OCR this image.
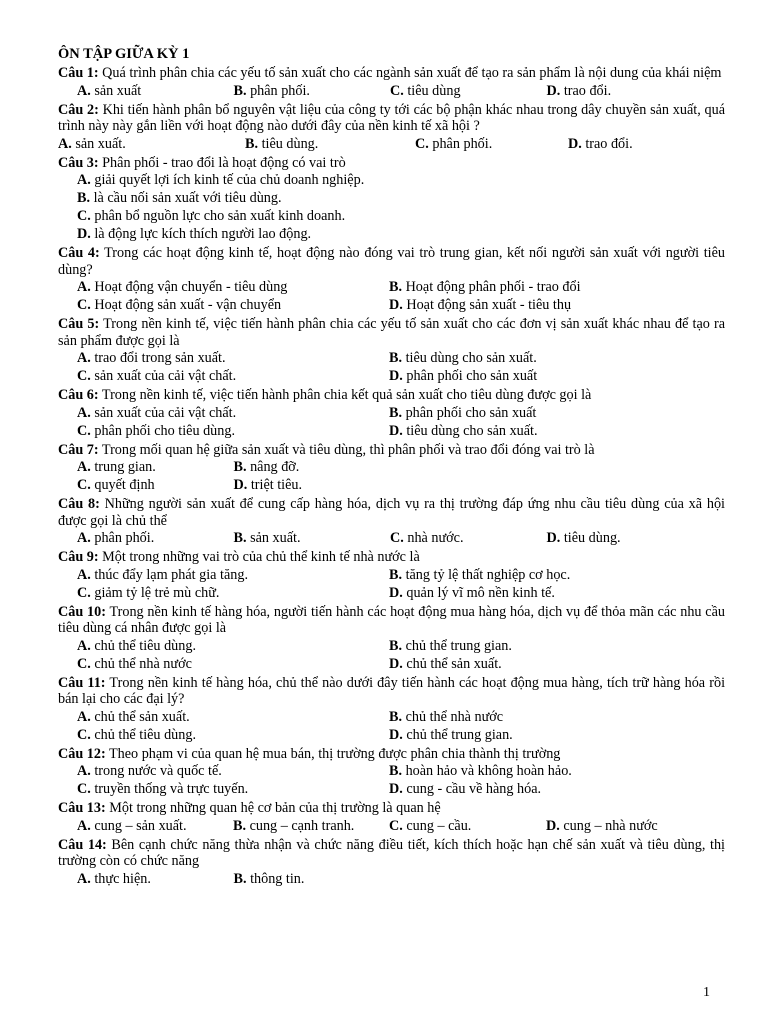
ÔN TẬP GIỮA KỲ 1
Câu 1: Quá trình phân chia các yếu tố sản xuất cho các ngành sản xuất để tạo ra sản phẩm là nội dung của khái niệm
A. sản xuất	B. phân phối.	C. tiêu dùng	D. trao đổi.
Câu 2: Khi tiến hành phân bổ nguyên vật liệu của công ty tới các bộ phận khác nhau trong dây chuyền sản xuất, quá trình này này gắn liền với hoạt động nào dưới đây của nền kinh tế xã hội ?
A. sản xuất.	B. tiêu dùng.	C. phân phối.	D. trao đổi.
Câu 3: Phân phối - trao đổi là hoạt động có vai trò
A. giải quyết lợi ích kinh tế của chủ doanh nghiệp.
B. là cầu nối sản xuất với tiêu dùng.
C. phân bổ nguồn lực cho sản xuất kinh doanh.
D. là động lực kích thích người lao động.
Câu 4: Trong các hoạt động kinh tế, hoạt động nào đóng vai trò trung gian, kết nối người sản xuất với người tiêu dùng?
A. Hoạt động vận chuyển - tiêu dùng	B. Hoạt động phân phối - trao đổi
C. Hoạt động sản xuất - vận chuyển	D. Hoạt động sản xuất - tiêu thụ
Câu 5: Trong nền kinh tế, việc tiến hành phân chia các yếu tố sản xuất cho các đơn vị sản xuất khác nhau để tạo ra sản phẩm được gọi là
A. trao đổi trong sản xuất.	B. tiêu dùng cho sản xuất.
C. sản xuất của cải vật chất.	D. phân phối cho sản xuất
Câu 6: Trong nền kinh tế, việc tiến hành phân chia kết quả sản xuất cho tiêu dùng được gọi là
A. sản xuất của cải vật chất.	B. phân phối cho sản xuất
C. phân phối cho tiêu dùng.	D. tiêu dùng cho sản xuất.
Câu 7: Trong mối quan hệ giữa sản xuất và tiêu dùng, thì phân phối và trao đổi đóng vai trò là
A. trung gian.	B. nâng đỡ.
C. quyết định	D. triệt tiêu.
Câu 8: Những người sản xuất để cung cấp hàng hóa, dịch vụ ra thị trường đáp ứng nhu cầu tiêu dùng của xã hội được gọi là chủ thể
A. phân phối.	B. sản xuất.	C. nhà nước.	D. tiêu dùng.
Câu 9: Một trong những vai trò của chủ thể kinh tế nhà nước là
A. thúc đẩy lạm phát gia tăng.	B. tăng tỷ lệ thất nghiệp cơ học.
C. giảm tỷ lệ trẻ mù chữ.	D. quản lý vĩ mô nền kinh tế.
Câu 10: Trong nền kinh tế hàng hóa, người tiến hành các hoạt động mua hàng hóa, dịch vụ để thỏa mãn các nhu cầu tiêu dùng cá nhân được gọi là
A. chủ thể tiêu dùng.	B. chủ thể trung gian.
C. chủ thể nhà nước	D. chủ thể sản xuất.
Câu 11: Trong nền kinh tế hàng hóa, chủ thể nào dưới đây tiến hành các hoạt động mua hàng, tích trữ hàng hóa rồi bán lại cho các đại lý?
A. chủ thể sản xuất.	B. chủ thể nhà nước
C. chủ thể tiêu dùng.	D. chủ thể trung gian.
Câu 12: Theo phạm vi của quan hệ mua bán, thị trường được phân chia thành thị trường
A. trong nước và quốc tế.	B. hoàn hảo và không hoàn hảo.
C. truyền thống và trực tuyến.	D. cung - cầu về hàng hóa.
Câu 13: Một trong những quan hệ cơ bản của thị trường là quan hệ
A. cung – sản xuất.	B. cung – cạnh tranh.	C. cung – cầu.	D. cung – nhà nước
Câu 14: Bên cạnh chức năng thừa nhận và chức năng điều tiết, kích thích hoặc hạn chế sản xuất và tiêu dùng, thị trường còn có chức năng
A. thực hiện.	B. thông tin.
1
